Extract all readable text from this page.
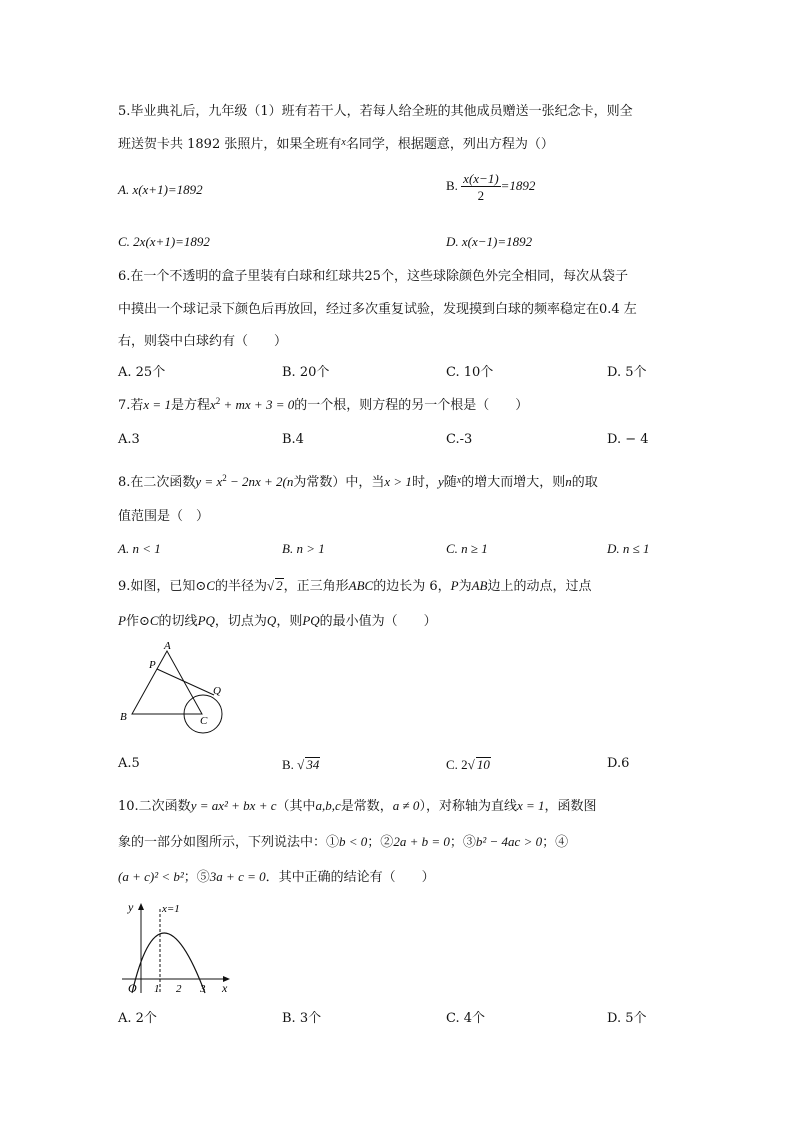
5.毕业典礼后，九年级（1）班有若干人，若每人给全班的其他成员赠送一张纪念卡，则全
班送贺卡共 1892 张照片，如果全班有$^x$名同学，根据题意，列出方程为（）
A. x(x+1)=1892	B. $\frac{x(x-1)}{2} =1892$
C. 2x(x+1)=1892	D. x(x−1)=1892
6.在一个不透明的盒子里装有白球和红球共25个，这些球除颜色外完全相同，每次从袋子
中摸出一个球记录下颜色后再放回，经过多次重复试验，发现摸到白球的频率稳定在0.4 左
右，则袋中白球约有（　　）
A. 25个	B. 20个	C. 10个	D. 5个
7.若x = 1是方程$x^2$ + mx + 3 = 0的一个根，则方程的另一个根是（　　）
A.3	B.4	C.-3	D. − 4
8.在二次函数$y = x^2 - 2nx + 2(n$为常数）中，当x > 1时，y随$^x$的增大而增大，则n的取
值范围是（　）
A. n < 1	B. n > 1	C. n ≥ 1	D. n ≤ 1
9.如图，已知⊙C的半径为√ 2，正三角形ABC的边长为 6，P为AB边上的动点，过点
P作⊙C的切线PQ，切点为Q，则PQ的最小值为（　　）
A
P
Q
B	C
A.5	B. √ 34	C. 2√ 10	D.6
10.二次函数y = ax² + bx + c（其中a,b,c是常数，a ≠ 0），对称轴为直线x = 1，函数图
象的一部分如图所示，下列说法中：①b < 0；②2a + b = 0；③b² − 4ac > 0；④
(a + c)² < b²；⑤3a + c = 0．其中正确的结论有（　　）
y	x=1
O 1 2 3 x
A. 2个	B. 3个	C. 4个	D. 5个
